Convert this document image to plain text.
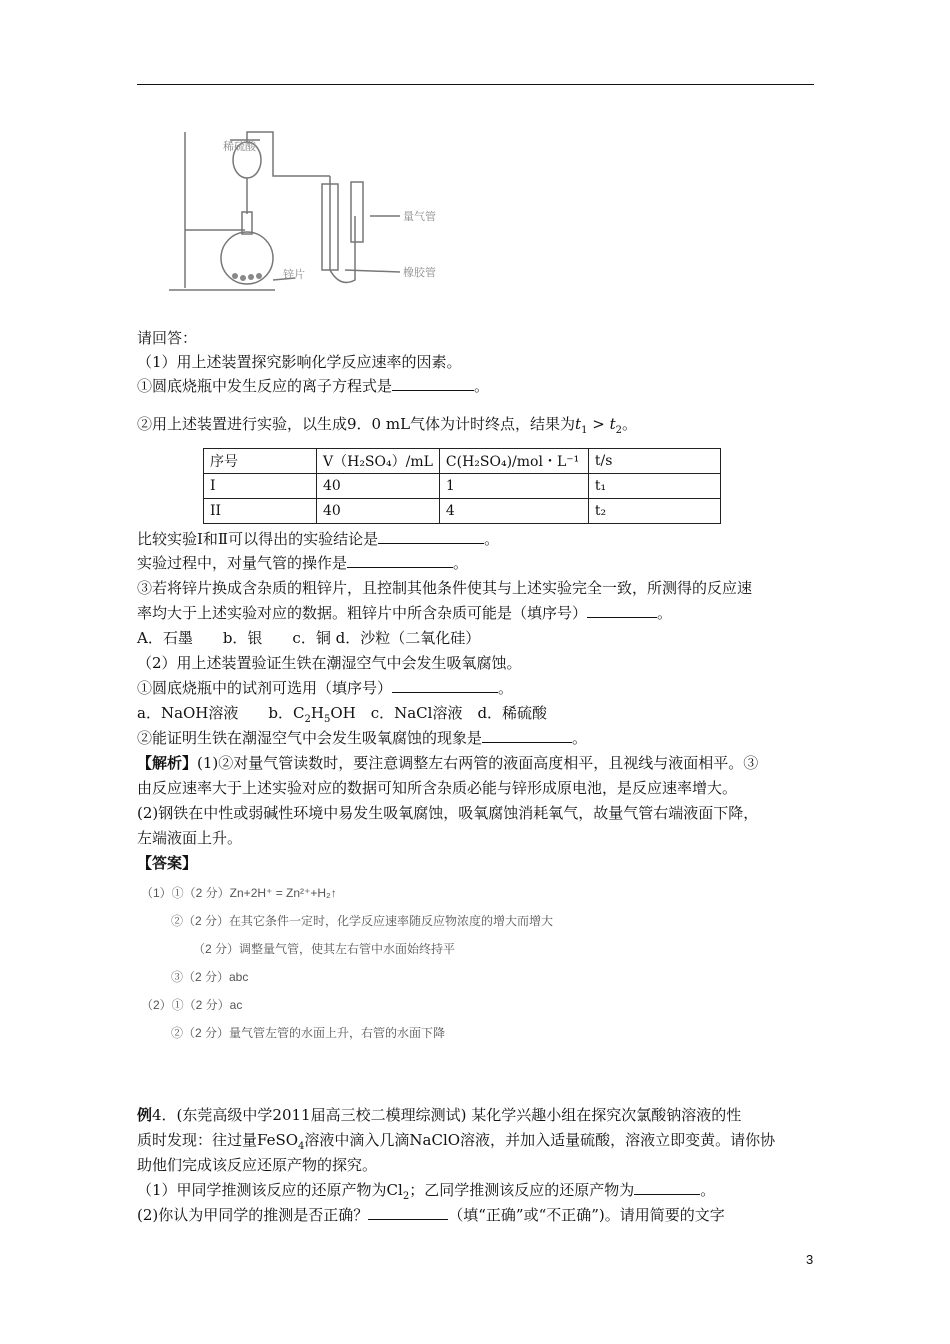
稀硫酸
量气管
锌片	橡胶管
请回答：
（1）用上述装置探究影响化学反应速率的因素。
①圆底烧瓶中发生反应的离子方程式是	。
②用上述装置进行实验，以生成9．0 mL气体为计时终点，结果为$t_1 > t_2$。
序号	V（H₂SO₄）/mL	C(H₂SO₄)/mol・L⁻¹	t/s
I	40	1	t₁
II	40	4	t₂
比较实验Ⅰ和Ⅱ可以得出的实验结论是	。
实验过程中，对量气管的操作是	。
③若将锌片换成含杂质的粗锌片，且控制其他条件使其与上述实验完全一致，所测得的反应速
率均大于上述实验对应的数据。粗锌片中所含杂质可能是（填序号）	。
A．石墨　　b．银　　c．铜 d．沙粒（二氧化硅）
（2）用上述装置验证生铁在潮湿空气中会发生吸氧腐蚀。
①圆底烧瓶中的试剂可选用（填序号）	。
a．NaOH溶液　　b．$C_2H_5OH$　c．NaCl溶液　d．稀硫酸
②能证明生铁在潮湿空气中会发生吸氧腐蚀的现象是	。
【解析】(1)②对量气管读数时，要注意调整左右两管的液面高度相平，且视线与液面相平。③
由反应速率大于上述实验对应的数据可知所含杂质必能与锌形成原电池，是反应速率增大。
(2)钢铁在中性或弱碱性环境中易发生吸氧腐蚀，吸氧腐蚀消耗氧气，故量气管右端液面下降，
左端液面上升。
【答案】
（1）①（2 分）Zn+2H⁺ = Zn²⁺+H₂↑
②（2 分）在其它条件一定时，化学反应速率随反应物浓度的增大而增大
（2 分）调整量气管，使其左右管中水面始终持平
③（2 分）abc
（2）①（2 分）ac
②（2 分）量气管左管的水面上升，右管的水面下降
例4．(东莞高级中学2011届高三校二模理综测试) 某化学兴趣小组在探究次氯酸钠溶液的性
质时发现：往过量FeSO$_4$溶液中滴入几滴NaClO溶液，并加入适量硫酸，溶液立即变黄。请你协
助他们完成该反应还原产物的探究。
（1）甲同学推测该反应的还原产物为$Cl_2$；乙同学推测该反应的还原产物为	。
(2)你认为甲同学的推测是否正确？	（填“正确”或“不正确”)。请用简要的文字
3
